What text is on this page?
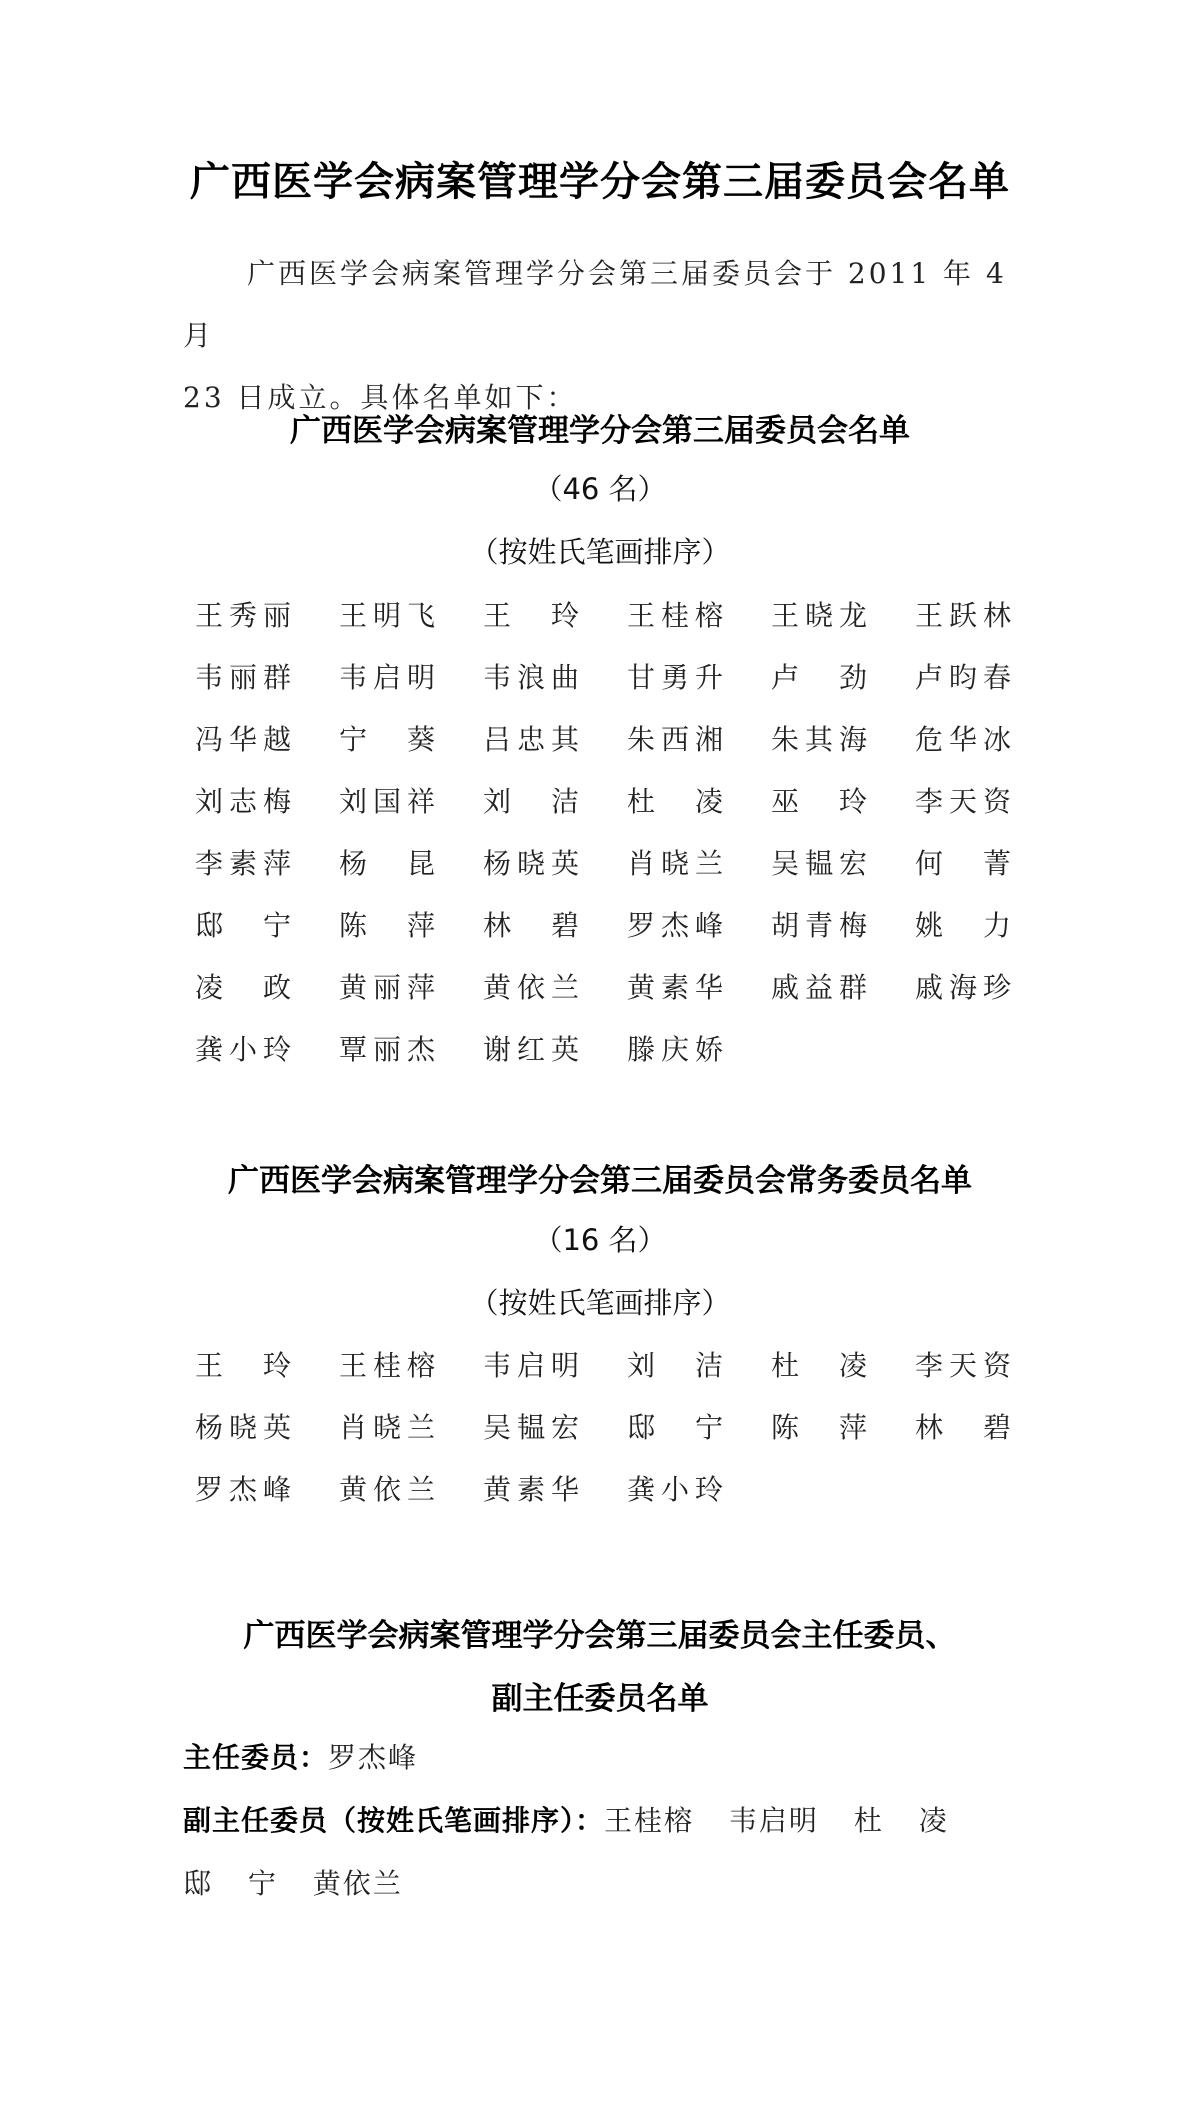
广西医学会病案管理学分会第三届委员会名单
广西医学会病案管理学分会第三届委员会于 2011 年 4 月
23 日成立。具体名单如下：
广西医学会病案管理学分会第三届委员会名单
（46 名）
（按姓氏笔画排序）
王 秀 丽 王 明 飞 王 玲 王 桂 榕 王 晓 龙 王 跃 林
韦 丽 群 韦 启 明 韦 浪 曲 甘 勇 升 卢 劲 卢 昀 春
冯 华 越 宁 葵 吕 忠 其 朱 西 湘 朱 其 海 危 华 冰
刘 志 梅 刘 国 祥 刘 洁 杜 凌 巫 玲 李 天 资
李 素 萍 杨 昆 杨 晓 英 肖 晓 兰 吴 韫 宏 何 菁
邸 宁 陈 萍 林 碧 罗 杰 峰 胡 青 梅 姚 力
凌 政 黄 丽 萍 黄 依 兰 黄 素 华 戚 益 群 戚 海 珍
龚 小 玲 覃 丽 杰 谢 红 英 滕 庆 娇
广西医学会病案管理学分会第三届委员会常务委员名单
（16 名）
（按姓氏笔画排序）
王 玲 王 桂 榕 韦 启 明 刘 洁 杜 凌 李 天 资
杨 晓 英 肖 晓 兰 吴 韫 宏 邸 宁 陈 萍 林 碧
罗 杰 峰 黄 依 兰 黄 素 华 龚 小 玲
广西医学会病案管理学分会第三届委员会主任委员、
副主任委员名单
主任委员：罗杰峰
副主任委员（按姓氏笔画排序）：王桂榕 韦启明 杜 凌
邸 宁 黄依兰
